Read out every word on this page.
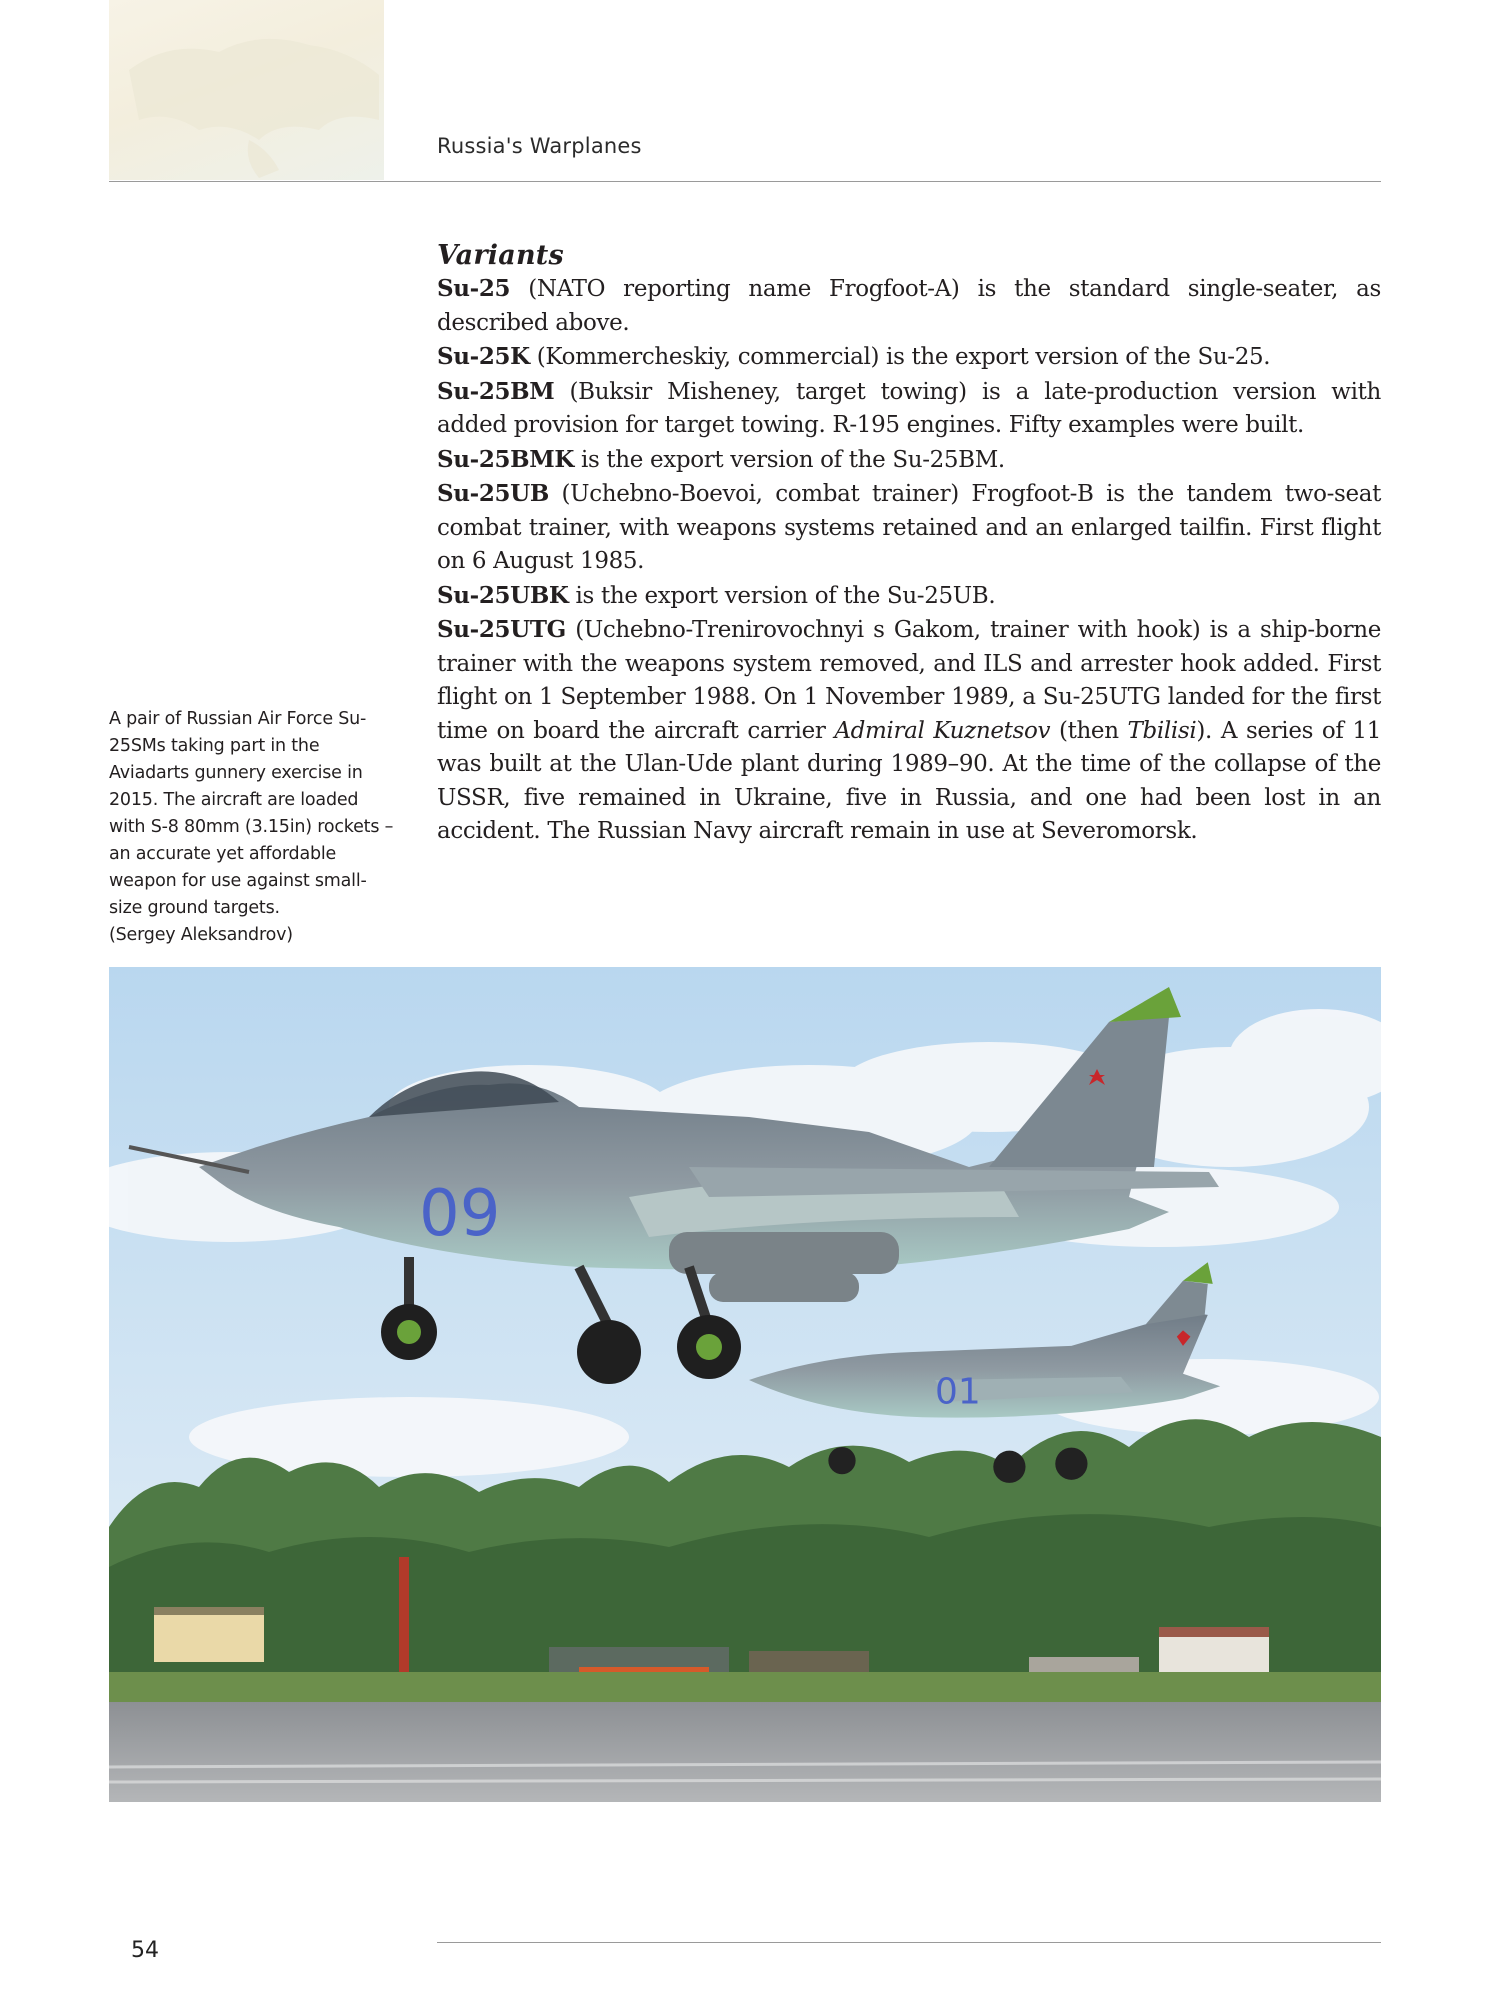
Russia's Warplanes
Variants

Su-25 (NATO reporting name Frogfoot-A) is the standard single-seater, as described above.

Su-25K (Kommercheskiy, commercial) is the export version of the Su-25.

Su-25BM (Buksir Misheney, target towing) is a late-production version with added provision for target towing. R-195 engines. Fifty examples were built.

Su-25BMK is the export version of the Su-25BM.

Su-25UB (Uchebno-Boevoi, combat trainer) Frogfoot-B is the tandem two-seat combat trainer, with weapons systems retained and an enlarged tailfin. First flight on 6 August 1985.

Su-25UBK is the export version of the Su-25UB.

Su-25UTG (Uchebno-Trenirovochnyi s Gakom, trainer with hook) is a ship-borne trainer with the weapons system removed, and ILS and arrester hook added. First flight on 1 September 1988. On 1 November 1989, a Su-25UTG landed for the first time on board the aircraft carrier Admiral Kuznetsov (then Tbilisi). A series of 11 was built at the Ulan-Ude plant during 1989–90. At the time of the collapse of the USSR, five remained in Ukraine, five in Russia, and one had been lost in an accident. The Russian Navy aircraft remain in use at Severomorsk.

A pair of Russian Air Force Su-25SMs taking part in the Aviadarts gunnery exercise in 2015. The aircraft are loaded with S-8 80mm (3.15in) rockets – an accurate yet affordable weapon for use against small-size ground targets.
(Sergey Aleksandrov)
01
09
54
